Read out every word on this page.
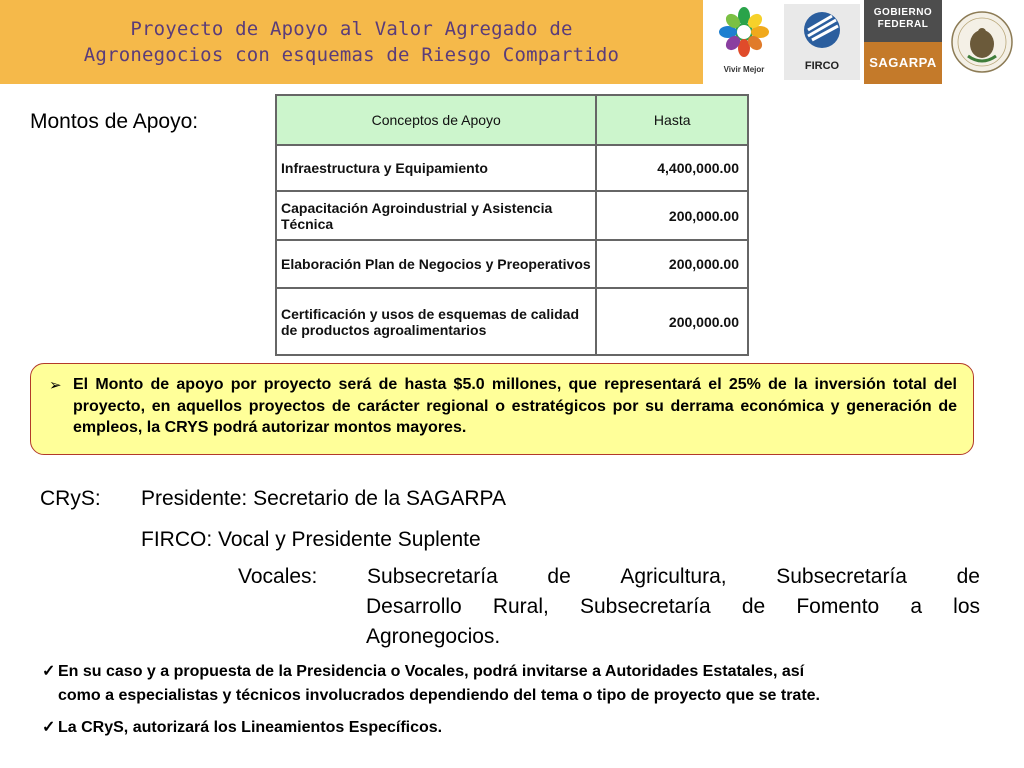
Proyecto de Apoyo al Valor Agregado de
Agronegocios con esquemas de Riesgo Compartido
Vivir Mejor	FIRCO
GOBIERNO
FEDERAL
SAGARPA
Montos de Apoyo:	Conceptos de Apoyo	Hasta
Infraestructura y Equipamiento	4,400,000.00
Capacitación Agroindustrial y Asistencia Técnica	200,000.00
Elaboración Plan de Negocios y Preoperativos	200,000.00
Certificación y usos de esquemas de calidad de productos agroalimentarios	200,000.00
➢ El Monto de apoyo por proyecto será de hasta $5.0 millones, que representará el 25% de la inversión total del proyecto, en aquellos proyectos de carácter regional o estratégicos por su derrama económica y generación de empleos, la CRYS podrá autorizar montos mayores.
CRyS: Presidente: Secretario de la SAGARPA
FIRCO: Vocal y Presidente Suplente
Vocales: Subsecretaría de Agricultura, Subsecretaría de
Desarrollo Rural, Subsecretaría de Fomento a los
Agronegocios.
✓ En su caso y a propuesta de la Presidencia o Vocales, podrá invitarse a Autoridades Estatales, así
como a especialistas y técnicos involucrados dependiendo del tema o tipo de proyecto que se trate.
✓ La CRyS, autorizará los Lineamientos Específicos.
